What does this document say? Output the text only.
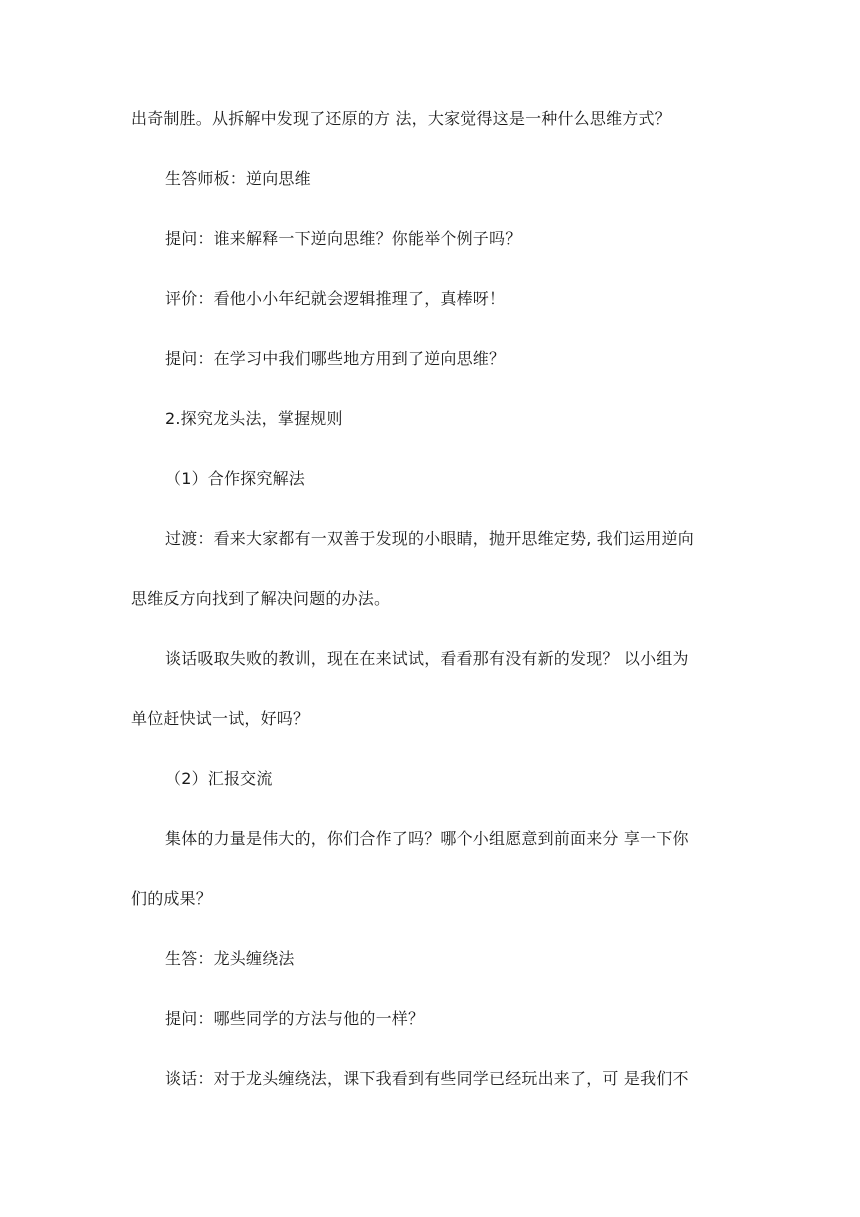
出奇制胜。从拆解中发现了还原的方 法，大家觉得这是一种什么思维方式？
生答师板：逆向思维
提问：谁来解释一下逆向思维？你能举个例子吗？
评价：看他小小年纪就会逻辑推理了，真棒呀！
提问：在学习中我们哪些地方用到了逆向思维？
2.探究龙头法，掌握规则
（1）合作探究解法
过渡：看来大家都有一双善于发现的小眼睛，抛开思维定势, 我们运用逆向
思维反方向找到了解决问题的办法。
谈话吸取失败的教训，现在在来试试，看看那有没有新的发现？ 以小组为
单位赶快试一试，好吗？
（2）汇报交流
集体的力量是伟大的，你们合作了吗？哪个小组愿意到前面来分 享一下你
们的成果？
生答：龙头缠绕法
提问：哪些同学的方法与他的一样？
谈话：对于龙头缠绕法，课下我看到有些同学已经玩出来了，可 是我们不
